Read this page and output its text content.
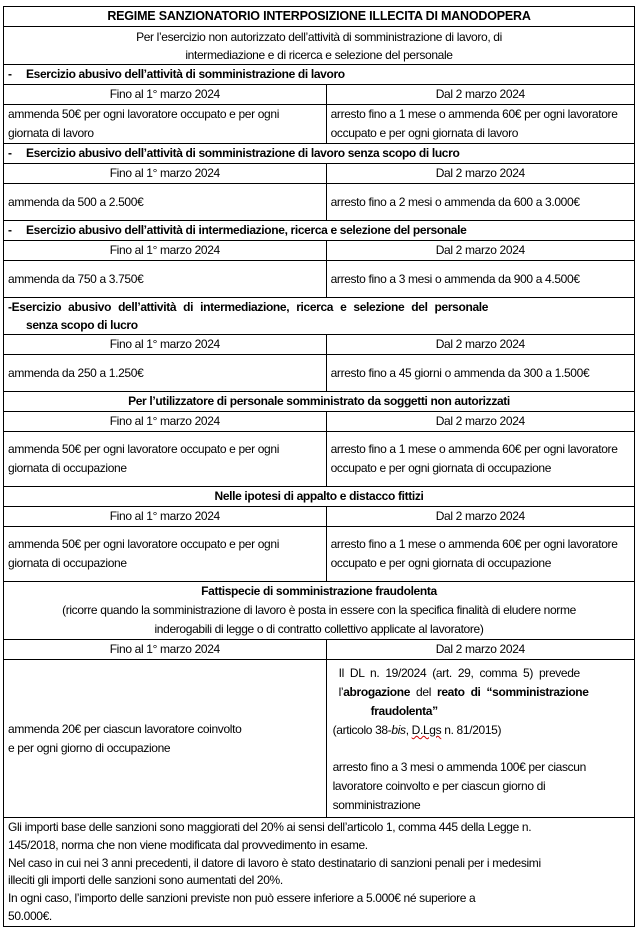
REGIME SANZIONATORIO INTERPOSIZIONE ILLECITA DI MANODOPERA	

Per l’esercizio non autorizzato dell’attività di somministrazione di lavoro, di
intermediazione e di ricerca e selezione del personale	

- Esercizio abusivo dell’attività di somministrazione di lavoro	
Fino al 1° marzo 2024	Dal 2 marzo 2024
ammenda 50€ per ogni lavoratore occupato e per ogni giornata di lavoro	arresto fino a 1 mese o ammenda 60€ per ogni lavoratore occupato e per ogni giornata di lavoro
- Esercizio abusivo dell’attività di somministrazione di lavoro senza scopo di lucro	
Fino al 1° marzo 2024	Dal 2 marzo 2024
ammenda da 500 a 2.500€	arresto fino a 2 mesi o ammenda da 600 a 3.000€
- Esercizio abusivo dell’attività di intermediazione, ricerca e selezione del personale	
Fino al 1° marzo 2024	Dal 2 marzo 2024
ammenda da 750 a 3.750€	arresto fino a 3 mesi o ammenda da 900 a 4.500€
-Esercizio abusivo dell’attività di intermediazione, ricerca e selezione del personale
senza scopo di lucro	

Fino al 1° marzo 2024	Dal 2 marzo 2024
ammenda da 250 a 1.250€	arresto fino a 45 giorni o ammenda da 300 a 1.500€
Per l’utilizzatore di personale somministrato da soggetti non autorizzati	
Fino al 1° marzo 2024	Dal 2 marzo 2024
ammenda 50€ per ogni lavoratore occupato e per ogni giornata di occupazione	arresto fino a 1 mese o ammenda 60€ per ogni lavoratore occupato e per ogni giornata di occupazione
Nelle ipotesi di appalto e distacco fittizi	
Fino al 1° marzo 2024	Dal 2 marzo 2024
ammenda 50€ per ogni lavoratore occupato e per ogni giornata di occupazione	arresto fino a 1 mese o ammenda 60€ per ogni lavoratore occupato e per ogni giornata di occupazione

Fattispecie di somministrazione fraudolenta
(ricorre quando la somministrazione di lavoro è posta in essere con la specifica finalità di eludere norme
inderogabili di legge o di contratto collettivo applicate al lavoratore)	

Fino al 1° marzo 2024	Dal 2 marzo 2024

ammenda 20€ per ciascun lavoratore coinvolto
e per ogni giorno di occupazione

Il DL n. 19/2024 (art. 29, comma 5) prevede
l’abrogazione del reato di “somministrazione
fraudolenta”
(articolo 38-bis, D.Lgs n. 81/2015)
arresto fino a 3 mesi o ammenda 100€ per ciascun lavoratore coinvolto e per ciascun giorno di somministrazione

Gli importi base delle sanzioni sono maggiorati del 20% ai sensi dell’articolo 1, comma 445 della Legge n.
145/2018, norma che non viene modificata dal provvedimento in esame.
Nel caso in cui nei 3 anni precedenti, il datore di lavoro è stato destinatario di sanzioni penali per i medesimi
illeciti gli importi delle sanzioni sono aumentati del 20%.
In ogni caso, l’importo delle sanzioni previste non può essere inferiore a 5.000€ né superiore a
50.000€.
